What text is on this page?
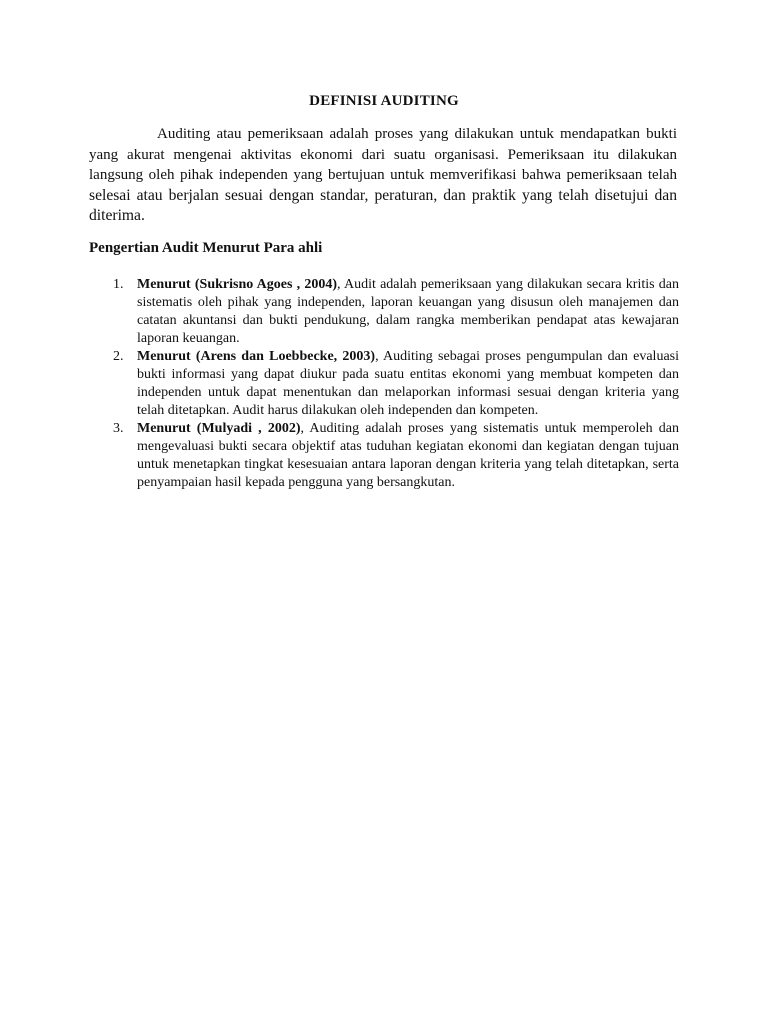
DEFINISI AUDITING

Auditing atau pemeriksaan adalah proses yang dilakukan untuk mendapatkan bukti yang akurat mengenai aktivitas ekonomi dari suatu organisasi. Pemeriksaan itu dilakukan langsung oleh pihak independen yang bertujuan untuk memverifikasi bahwa pemeriksaan telah selesai atau berjalan sesuai dengan standar, peraturan, dan praktik yang telah disetujui dan diterima.

Pengertian Audit Menurut Para ahli
1. Menurut (Sukrisno Agoes , 2004), Audit adalah pemeriksaan yang dilakukan secara kritis dan sistematis oleh pihak yang independen, laporan keuangan yang disusun oleh manajemen dan catatan akuntansi dan bukti pendukung, dalam rangka memberikan pendapat atas kewajaran laporan keuangan.
2. Menurut (Arens dan Loebbecke, 2003), Auditing sebagai proses pengumpulan dan evaluasi bukti informasi yang dapat diukur pada suatu entitas ekonomi yang membuat kompeten dan independen untuk dapat menentukan dan melaporkan informasi sesuai dengan kriteria yang telah ditetapkan. Audit harus dilakukan oleh independen dan kompeten.
3. Menurut (Mulyadi , 2002), Auditing adalah proses yang sistematis untuk memperoleh dan mengevaluasi bukti secara objektif atas tuduhan kegiatan ekonomi dan kegiatan dengan tujuan untuk menetapkan tingkat kesesuaian antara laporan dengan kriteria yang telah ditetapkan, serta penyampaian hasil kepada pengguna yang bersangkutan.
